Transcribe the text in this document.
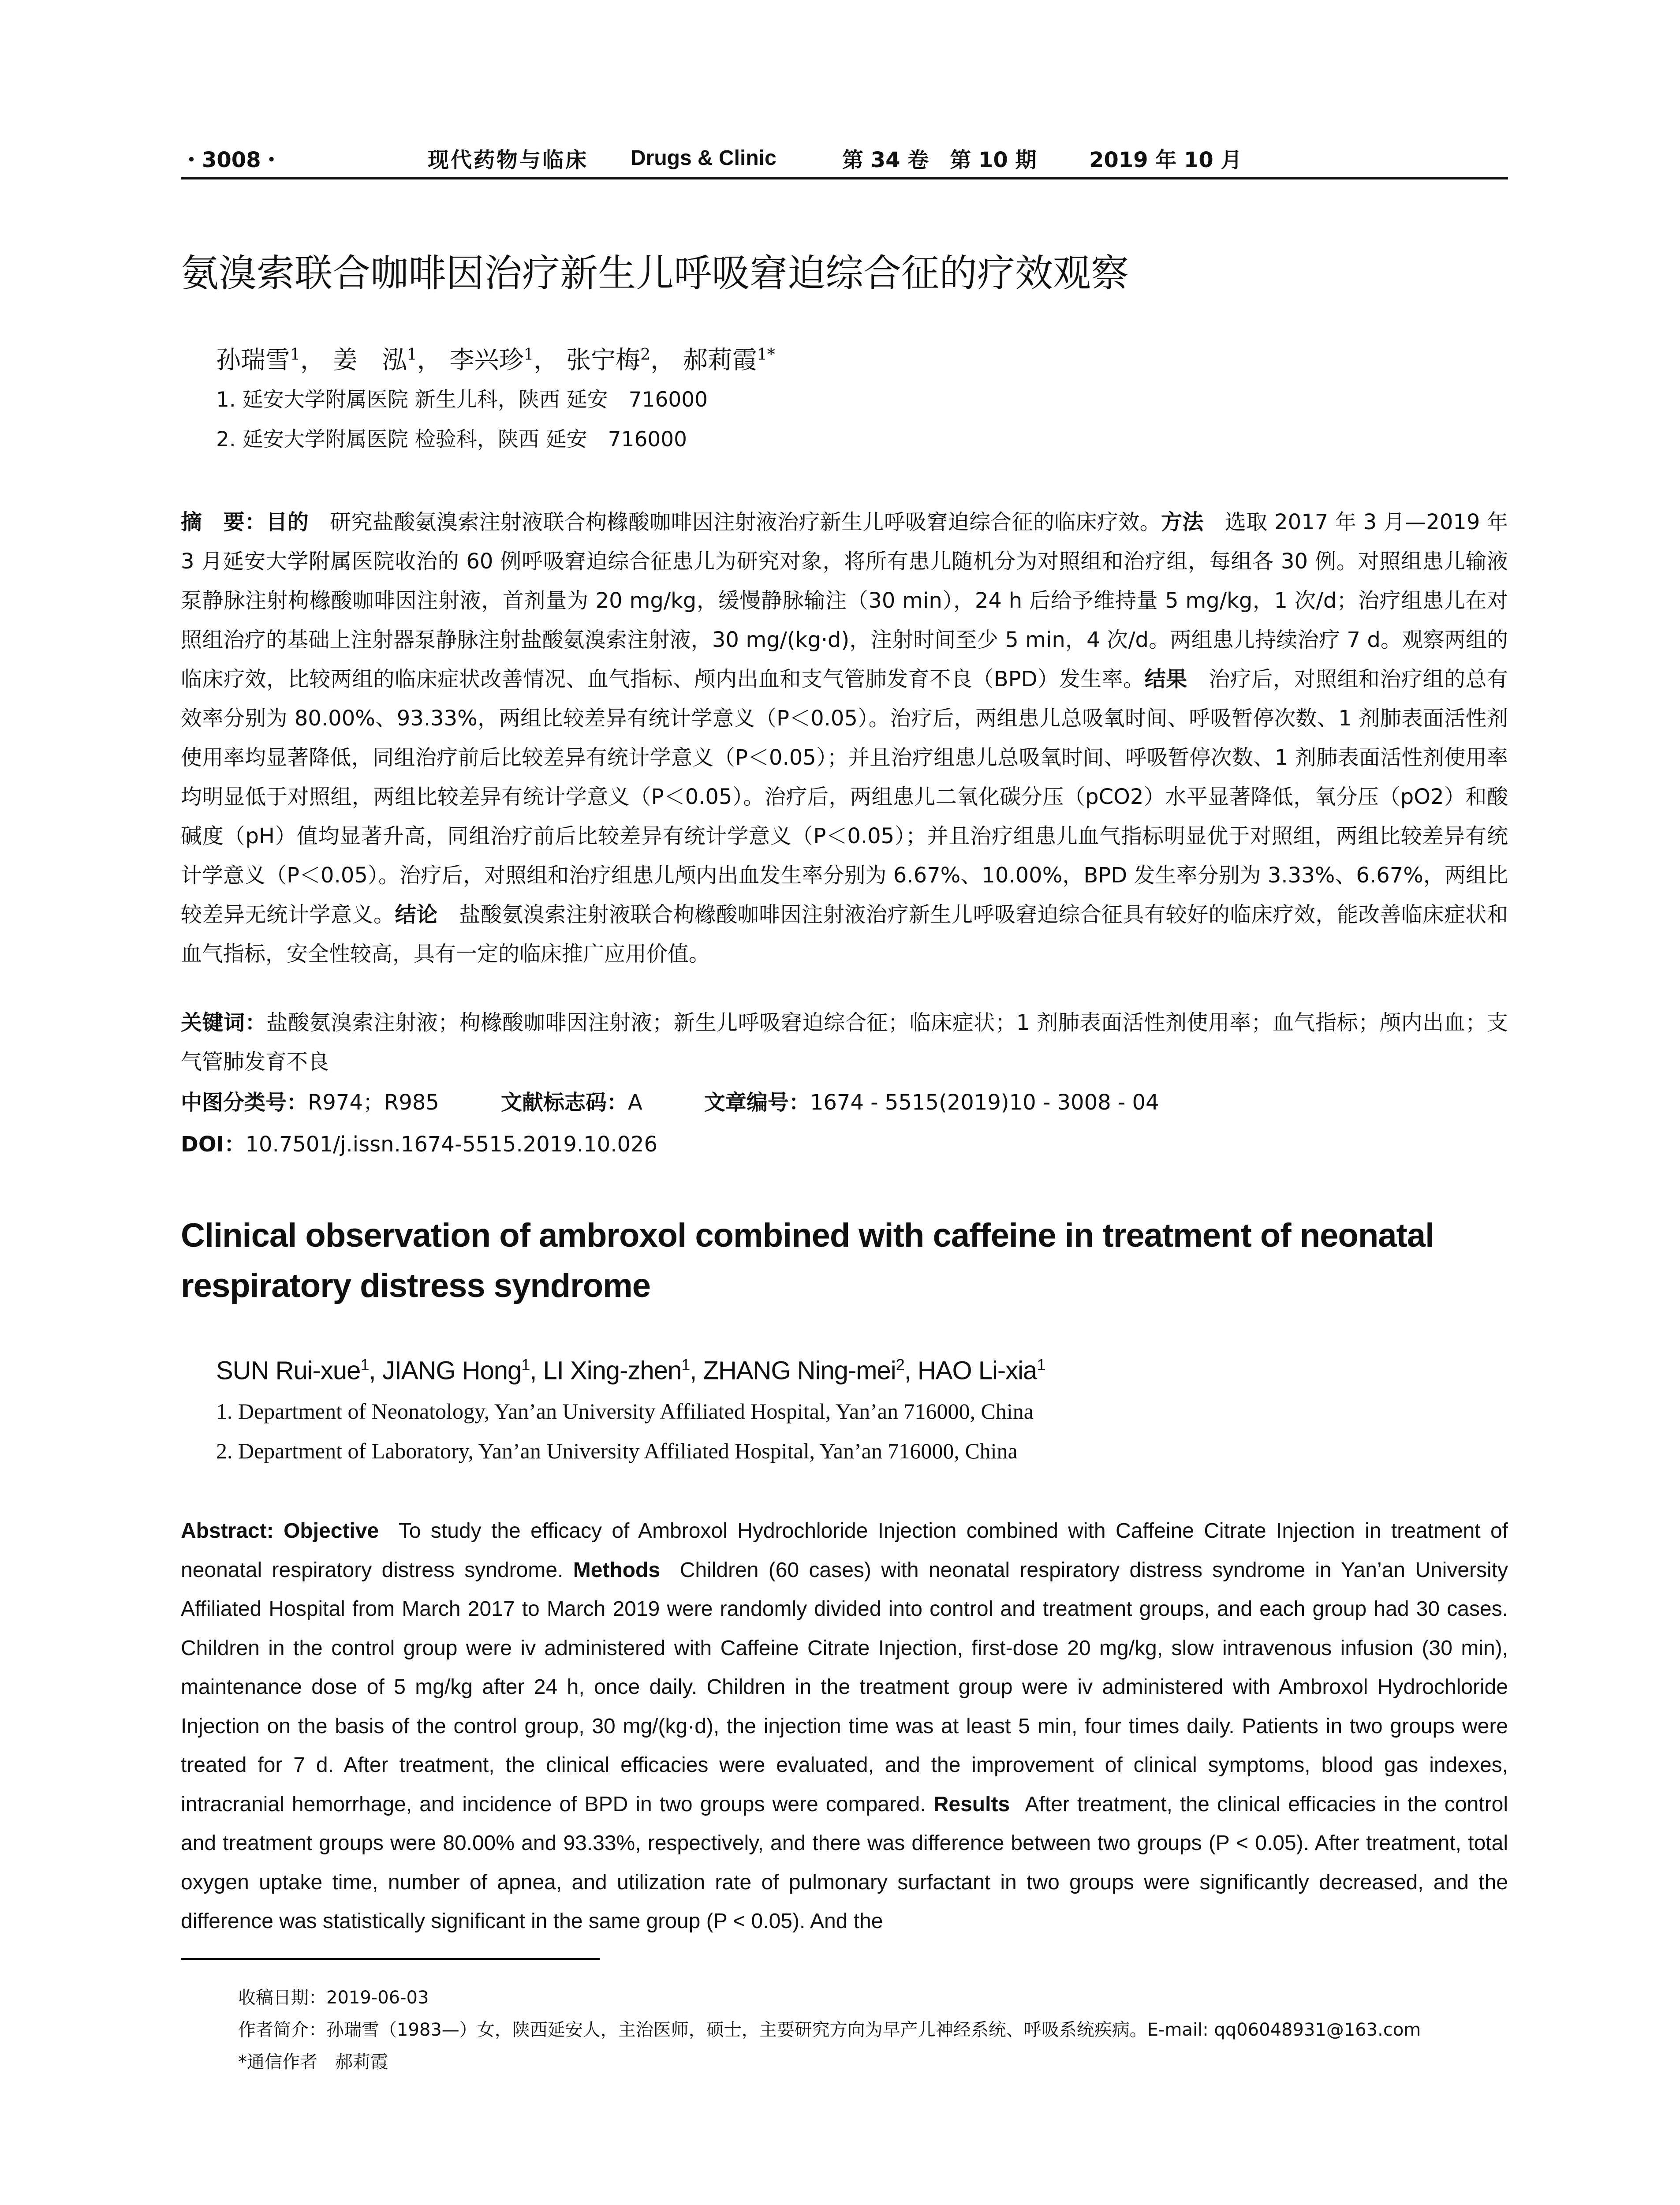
・3008・	现代药物与临床	Drugs & Clinic	第 34 卷　第 10 期	2019 年 10 月
氨溴索联合咖啡因治疗新生儿呼吸窘迫综合征的疗效观察
孙瑞雪$^1$， 姜　泓$^1$， 李兴珍$^1$， 张宁梅$^2$， 郝莉霞$^{1*}$
1. 延安大学附属医院 新生儿科，陕西 延安　716000
2. 延安大学附属医院 检验科，陕西 延安　716000

摘　要：目的　 研究盐酸氨溴索注射液联合枸橼酸咖啡因注射液治疗新生儿呼吸窘迫综合征的临床疗效。方法　 选取 2017 年 3 月—2019 年 3 月延安大学附属医院收治的 60 例呼吸窘迫综合征患儿为研究对象，将所有患儿随机分为对照组和治疗组，每组各 30 例。对照组患儿输液泵静脉注射枸橼酸咖啡因注射液，首剂量为 20 mg/kg，缓慢静脉输注（30 min），24 h 后给予维持量 5 mg/kg，1 次/d；治疗组患儿在对照组治疗的基础上注射器泵静脉注射盐酸氨溴索注射液，30 mg/(kg·d)，注射时间至少 5 min，4 次/d。两组患儿持续治疗 7 d。观察两组的临床疗效，比较两组的临床症状改善情况、血气指标、颅内出血和支气管肺发育不良（BPD）发生率。结果　 治疗后，对照组和治疗组的总有效率分别为 80.00%、93.33%，两组比较差异有统计学意义（P＜0.05）。治疗后，两组患儿总吸氧时间、呼吸暂停次数、1 剂肺表面活性剂使用率均显著降低，同组治疗前后比较差异有统计学意义（P＜0.05）；并且治疗组患儿总吸氧时间、呼吸暂停次数、1 剂肺表面活性剂使用率均明显低于对照组，两组比较差异有统计学意义（P＜0.05）。治疗后，两组患儿二氧化碳分压（pCO2）水平显著降低，氧分压（pO2）和酸碱度（pH）值均显著升高，同组治疗前后比较差异有统计学意义（P＜0.05）；并且治疗组患儿血气指标明显优于对照组，两组比较差异有统计学意义（P＜0.05）。治疗后，对照组和治疗组患儿颅内出血发生率分别为 6.67%、10.00%，BPD 发生率分别为 3.33%、6.67%，两组比较差异无统计学意义。结论　 盐酸氨溴索注射液联合枸橼酸咖啡因注射液治疗新生儿呼吸窘迫综合征具有较好的临床疗效，能改善临床症状和血气指标，安全性较高，具有一定的临床推广应用价值。

关键词：盐酸氨溴索注射液；枸橼酸咖啡因注射液；新生儿呼吸窘迫综合征；临床症状；1 剂肺表面活性剂使用率；血气指标；颅内出血；支气管肺发育不良

中图分类号：R974；R985	文献标志码：A	文章编号：1674 - 5515(2019)10 - 3008 - 04
DOI：10.7501/j.issn.1674-5515.2019.10.026
Clinical observation of ambroxol combined with caffeine in treatment of neonatal respiratory distress syndrome
SUN Rui-xue$^1$, JIANG Hong$^1$, LI Xing-zhen$^1$, ZHANG Ning-mei$^2$, HAO Li-xia$^1$
1. Department of Neonatology, Yan’an University Affiliated Hospital, Yan’an 716000, China
2. Department of Laboratory, Yan’an University Affiliated Hospital, Yan’an 716000, China

Abstract: Objective To study the efficacy of Ambroxol Hydrochloride Injection combined with Caffeine Citrate Injection in treatment of neonatal respiratory distress syndrome. Methods Children (60 cases) with neonatal respiratory distress syndrome in Yan’an University Affiliated Hospital from March 2017 to March 2019 were randomly divided into control and treatment groups, and each group had 30 cases. Children in the control group were iv administered with Caffeine Citrate Injection, first-dose 20 mg/kg, slow intravenous infusion (30 min), maintenance dose of 5 mg/kg after 24 h, once daily. Children in the treatment group were iv administered with Ambroxol Hydrochloride Injection on the basis of the control group, 30 mg/(kg·d), the injection time was at least 5 min, four times daily. Patients in two groups were treated for 7 d. After treatment, the clinical efficacies were evaluated, and the improvement of clinical symptoms, blood gas indexes, intracranial hemorrhage, and incidence of BPD in two groups were compared. Results After treatment, the clinical efficacies in the control and treatment groups were 80.00% and 93.33%, respectively, and there was difference between two groups (P < 0.05). After treatment, total oxygen uptake time, number of apnea, and utilization rate of pulmonary surfactant in two groups were significantly decreased, and the difference was statistically significant in the same group (P < 0.05). And the

收稿日期：2019-06-03
作者简介：孙瑞雪（1983—）女，陕西延安人，主治医师，硕士，主要研究方向为早产儿神经系统、呼吸系统疾病。E-mail: qq06048931@163.com
*通信作者　郝莉霞
